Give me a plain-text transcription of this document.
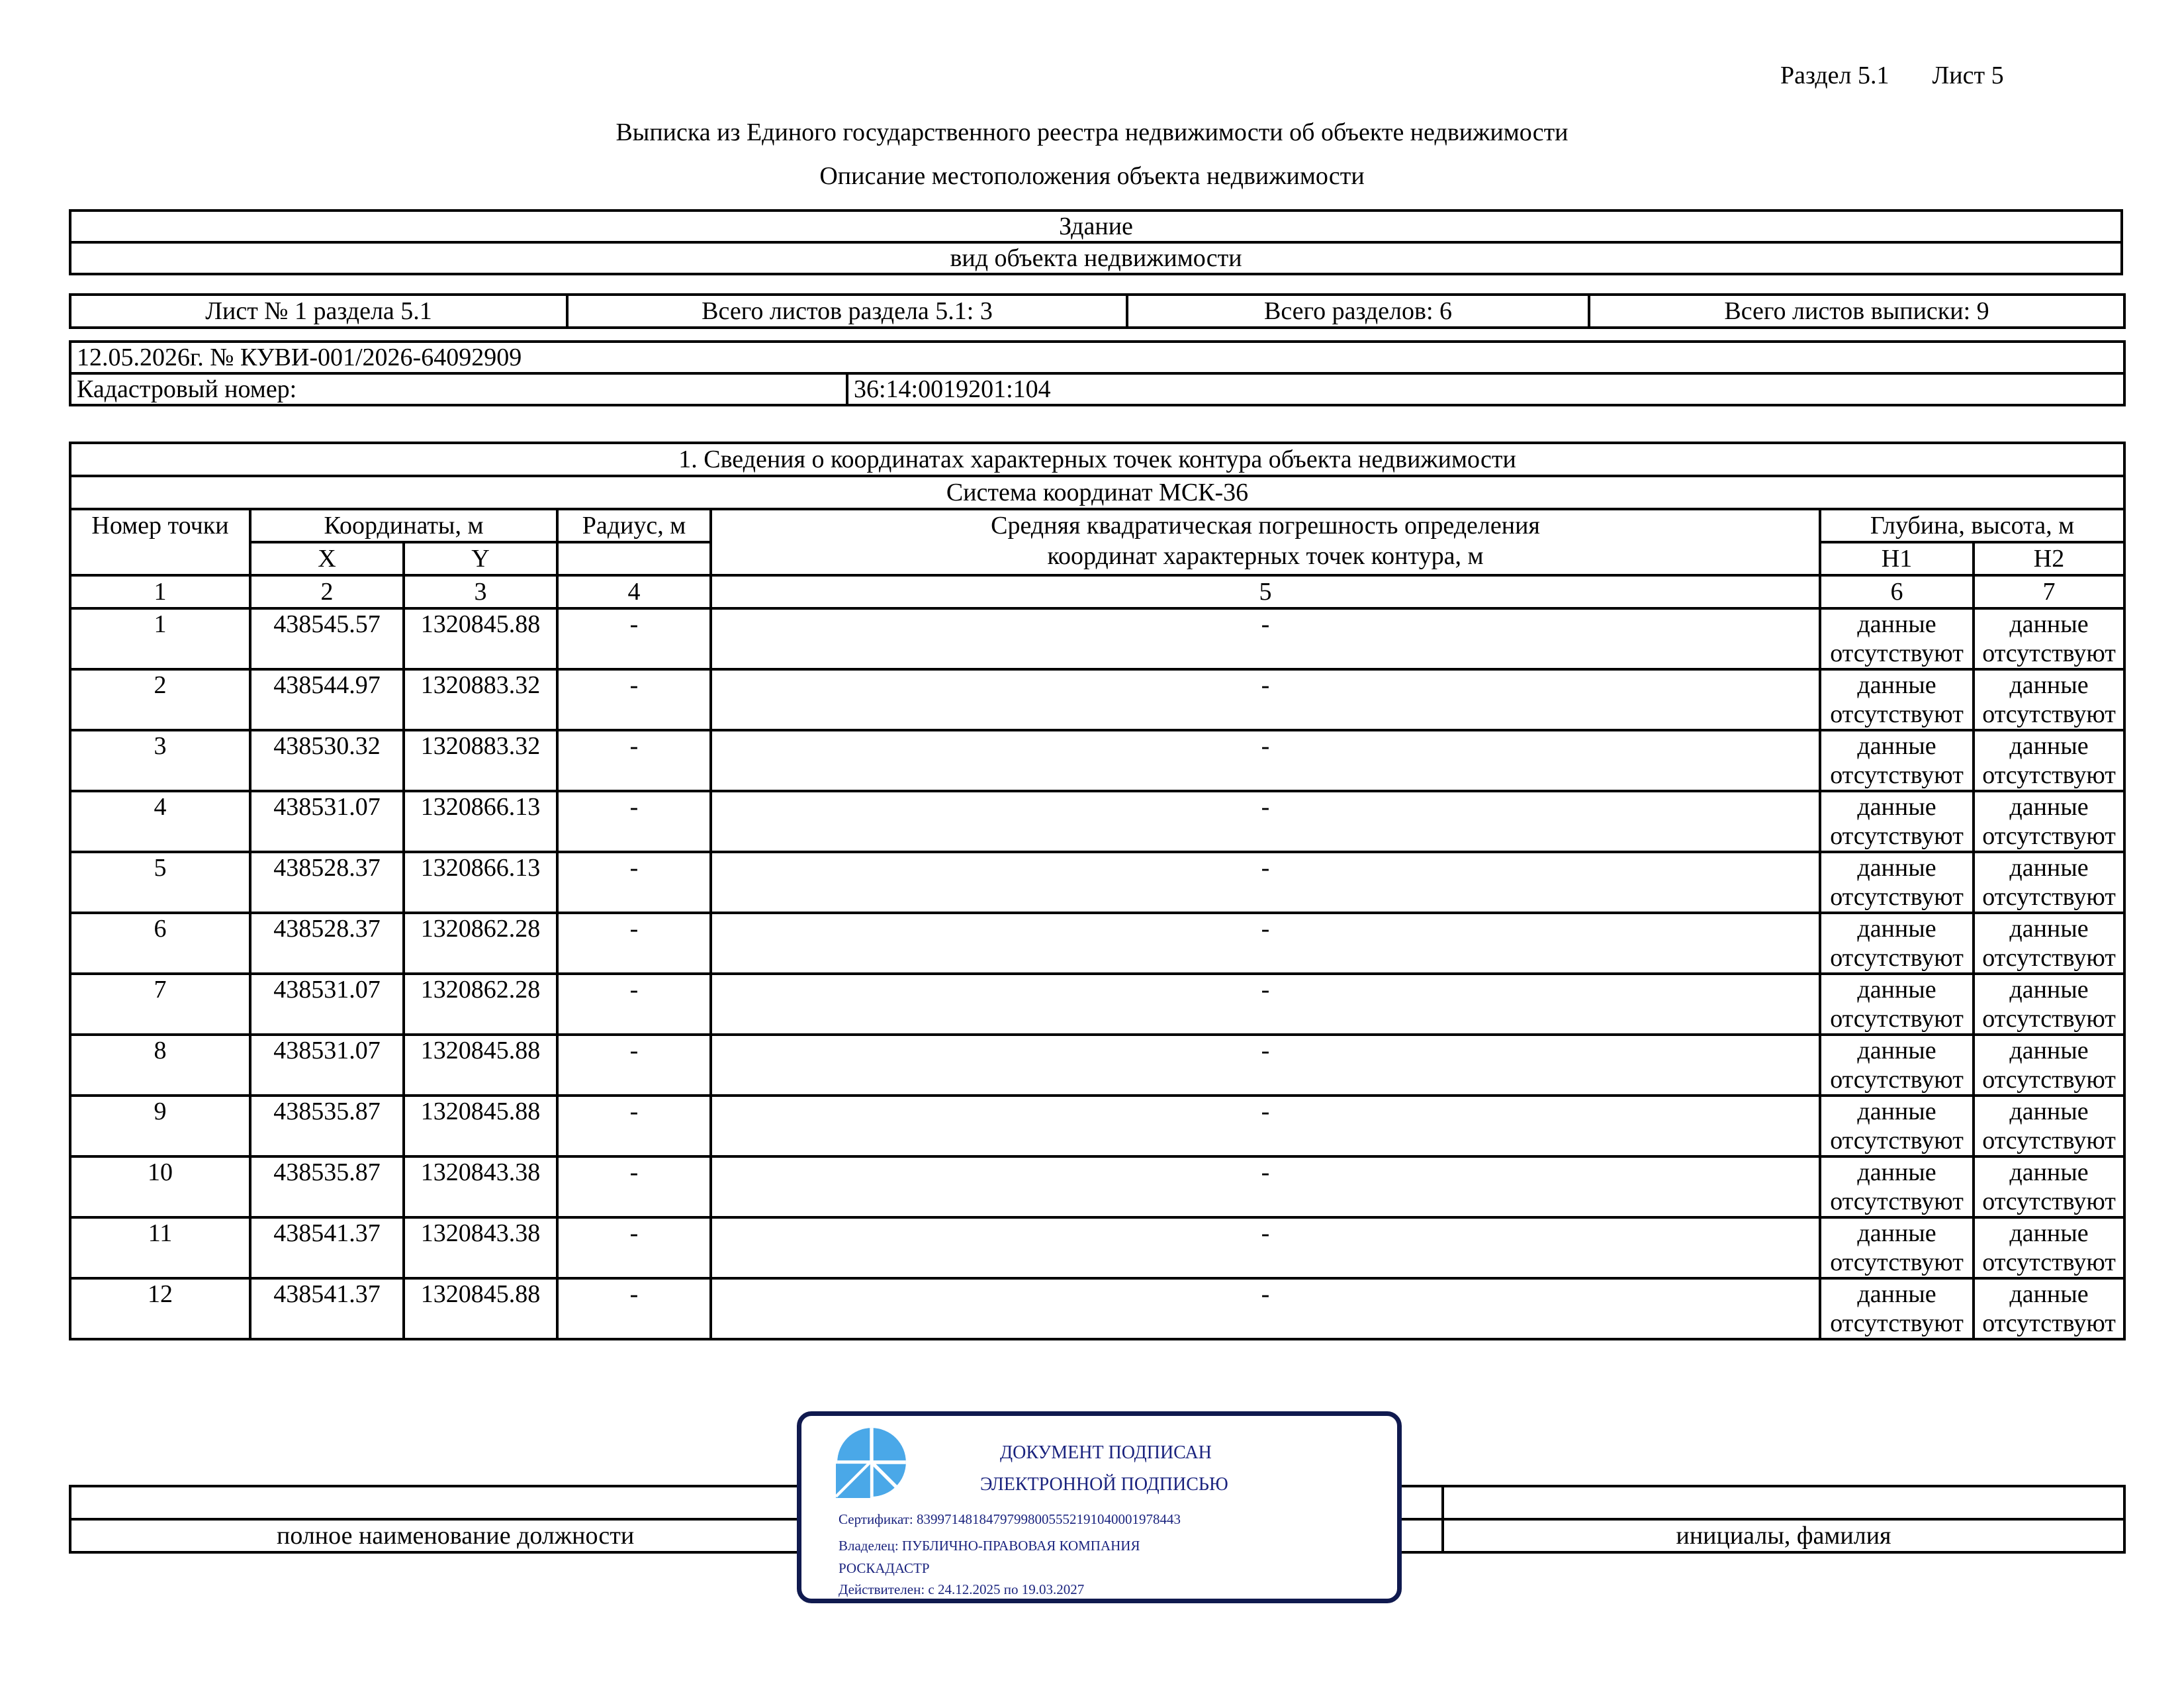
Раздел 5.1 Лист 5
Выписка из Единого государственного реестра недвижимости об объекте недвижимости
Описание местоположения объекта недвижимости
Здание
вид объекта недвижимости
Лист № 1 раздела 5.1	Всего листов раздела 5.1: 3	Всего разделов: 6	Всего листов выписки: 9
12.05.2026г. № КУВИ-001/2026-64092909
Кадастровый номер:	36:14:0019201:104
1. Сведения о координатах характерных точек контура объекта недвижимости						
Система координат МСК-36						
Номер точки	Координаты, м		Радиус, м	Средняя квадратическая погрешность определения координат характерных точек контура, м	Глубина, высота, м	
	X	Y			H1	H2
1	2	3	4	5	6	7
1	438545.57	1320845.88	-	-	данные отсутствуют	данные отсутствуют
2	438544.97	1320883.32	-	-	данные отсутствуют	данные отсутствуют
3	438530.32	1320883.32	-	-	данные отсутствуют	данные отсутствуют
4	438531.07	1320866.13	-	-	данные отсутствуют	данные отсутствуют
5	438528.37	1320866.13	-	-	данные отсутствуют	данные отсутствуют
6	438528.37	1320862.28	-	-	данные отсутствуют	данные отсутствуют
7	438531.07	1320862.28	-	-	данные отсутствуют	данные отсутствуют
8	438531.07	1320845.88	-	-	данные отсутствуют	данные отсутствуют
9	438535.87	1320845.88	-	-	данные отсутствуют	данные отсутствуют
10	438535.87	1320843.38	-	-	данные отсутствуют	данные отсутствуют
11	438541.37	1320843.38	-	-	данные отсутствуют	данные отсутствуют
12	438541.37	1320845.88	-	-	данные отсутствуют	данные отсутствуют

полное наименование должности	инициалы, фамилия
ДОКУМЕНТ ПОДПИСАН
ЭЛЕКТРОННОЙ ПОДПИСЬЮ
Сертификат: 83997148184797998005552191040001978443
Владелец: ПУБЛИЧНО-ПРАВОВАЯ КОМПАНИЯ
РОСКАДАСТР
Действителен: с 24.12.2025 по 19.03.2027
